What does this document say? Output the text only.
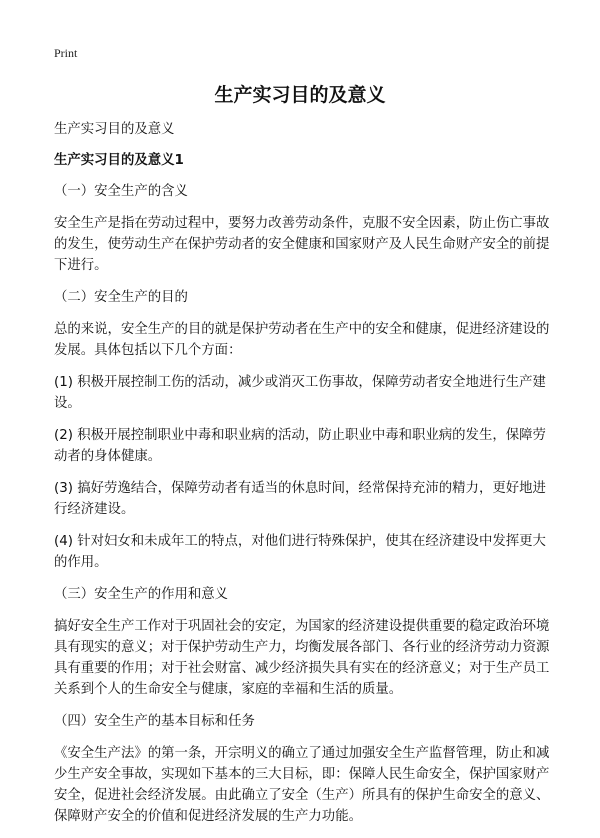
Print
生产实习目的及意义

生产实习目的及意义

生产实习目的及意义1

（一）安全生产的含义

安全生产是指在劳动过程中，要努力改善劳动条件，克服不安全因素，防止伤亡事故的发生，使劳动生产在保护劳动者的安全健康和国家财产及人民生命财产安全的前提下进行。

（二）安全生产的目的

总的来说，安全生产的目的就是保护劳动者在生产中的安全和健康，促进经济建设的发展。具体包括以下几个方面：

(1) 积极开展控制工伤的活动，减少或消灭工伤事故，保障劳动者安全地进行生产建设。

(2) 积极开展控制职业中毒和职业病的活动，防止职业中毒和职业病的发生，保障劳动者的身体健康。

(3) 搞好劳逸结合，保障劳动者有适当的休息时间，经常保持充沛的精力，更好地进行经济建设。

(4) 针对妇女和未成年工的特点，对他们进行特殊保护，使其在经济建设中发挥更大的作用。

（三）安全生产的作用和意义

搞好安全生产工作对于巩固社会的安定，为国家的经济建设提供重要的稳定政治环境具有现实的意义；对于保护劳动生产力，均衡发展各部门、各行业的经济劳动力资源具有重要的作用；对于社会财富、减少经济损失具有实在的经济意义；对于生产员工关系到个人的生命安全与健康，家庭的幸福和生活的质量。

（四）安全生产的基本目标和任务

《安全生产法》的第一条，开宗明义的确立了通过加强安全生产监督管理，防止和减少生产安全事故，实现如下基本的三大目标，即：保障人民生命安全，保护国家财产安全，促进社会经济发展。由此确立了安全（生产）所具有的保护生命安全的意义、保障财产安全的价值和促进经济发展的生产力功能。
